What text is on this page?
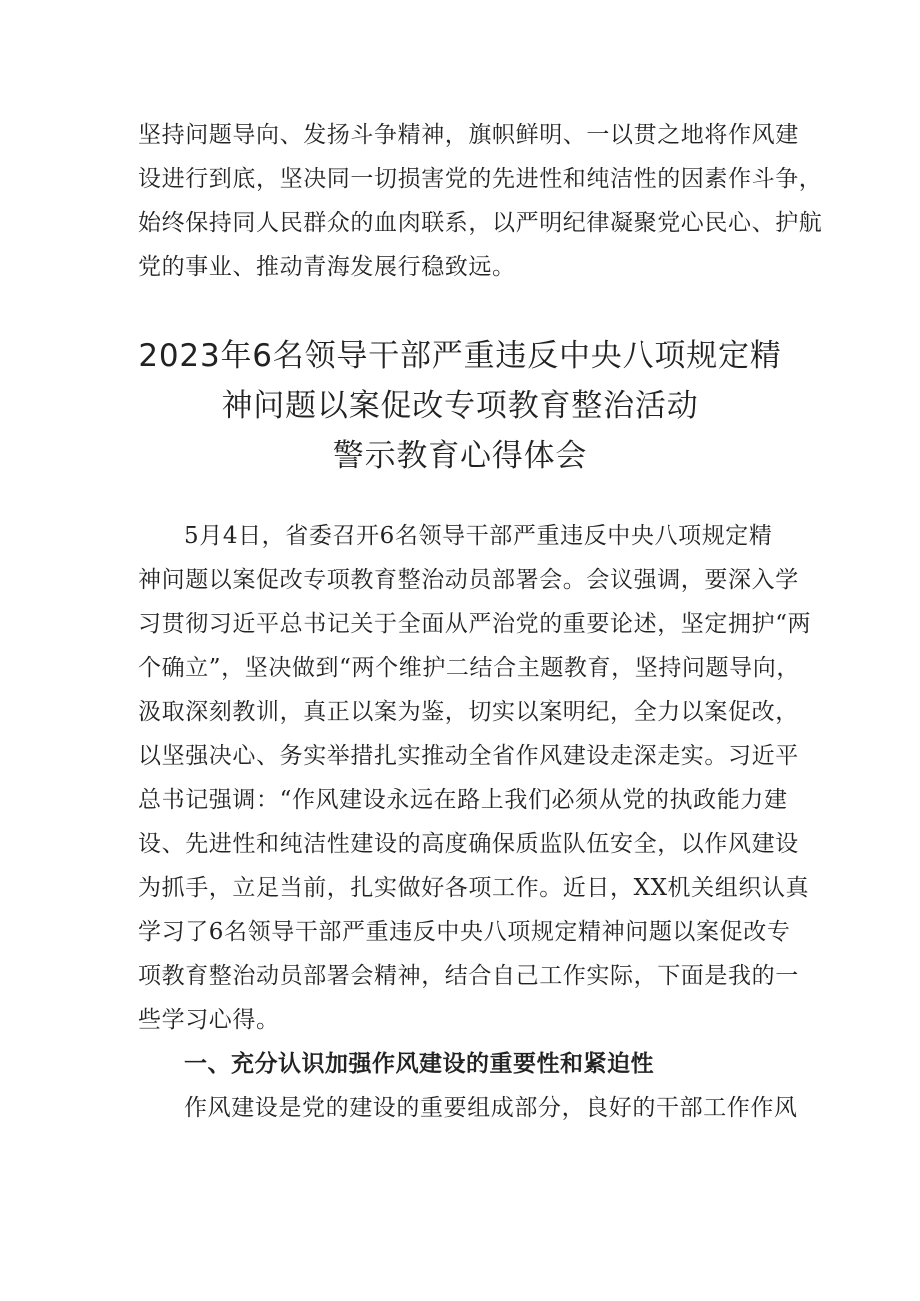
坚持问题导向、发扬斗争精神，旗帜鲜明、一以贯之地将作风建

设进行到底，坚决同一切损害党的先进性和纯洁性的因素作斗争，

始终保持同人民群众的血肉联系，以严明纪律凝聚党心民心、护航

党的事业、推动青海发展行稳致远。

2023年6名领导干部严重违反中央八项规定精
神问题以案促改专项教育整治活动
警示教育心得体会

5月4日，省委召开6名领导干部严重违反中央八项规定精

神问题以案促改专项教育整治动员部署会。会议强调，要深入学

习贯彻习近平总书记关于全面从严治党的重要论述，坚定拥护“两

个确立”，坚决做到“两个维护二结合主题教育，坚持问题导向，

汲取深刻教训，真正以案为鉴，切实以案明纪，全力以案促改，

以坚强决心、务实举措扎实推动全省作风建设走深走实。习近平

总书记强调：“作风建设永远在路上我们必须从党的执政能力建

设、先进性和纯洁性建设的高度确保质监队伍安全，以作风建设

为抓手，立足当前，扎实做好各项工作。近日，XX机关组织认真

学习了6名领导干部严重违反中央八项规定精神问题以案促改专

项教育整治动员部署会精神，结合自己工作实际，下面是我的一

些学习心得。

一、充分认识加强作风建设的重要性和紧迫性

作风建设是党的建设的重要组成部分，良好的干部工作作风
